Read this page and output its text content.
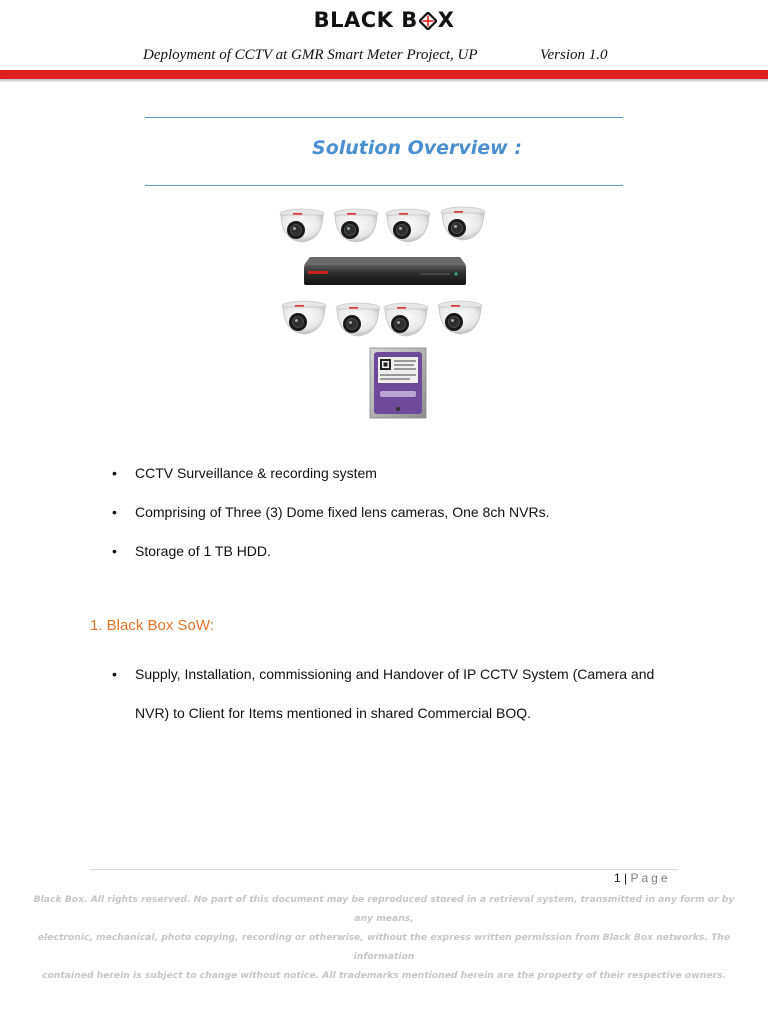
BLACK B X
Deployment of CCTV at GMR Smart Meter Project, UP	Version 1.0
Solution Overview :
• CCTV Surveillance & recording system
• Comprising of Three (3) Dome fixed lens cameras, One 8ch NVRs.
• Storage of 1 TB HDD.
1. Black Box SoW:
• Supply, Installation, commissioning and Handover of IP CCTV System (Camera and
NVR) to Client for Items mentioned in shared Commercial BOQ.
1 | Page
Black Box. All rights reserved. No part of this document may be reproduced stored in a retrieval system, transmitted in any form or by any means,
electronic, mechanical, photo copying, recording or otherwise, without the express written permission from Black Box networks. The information
contained herein is subject to change without notice. All trademarks mentioned herein are the property of their respective owners.
